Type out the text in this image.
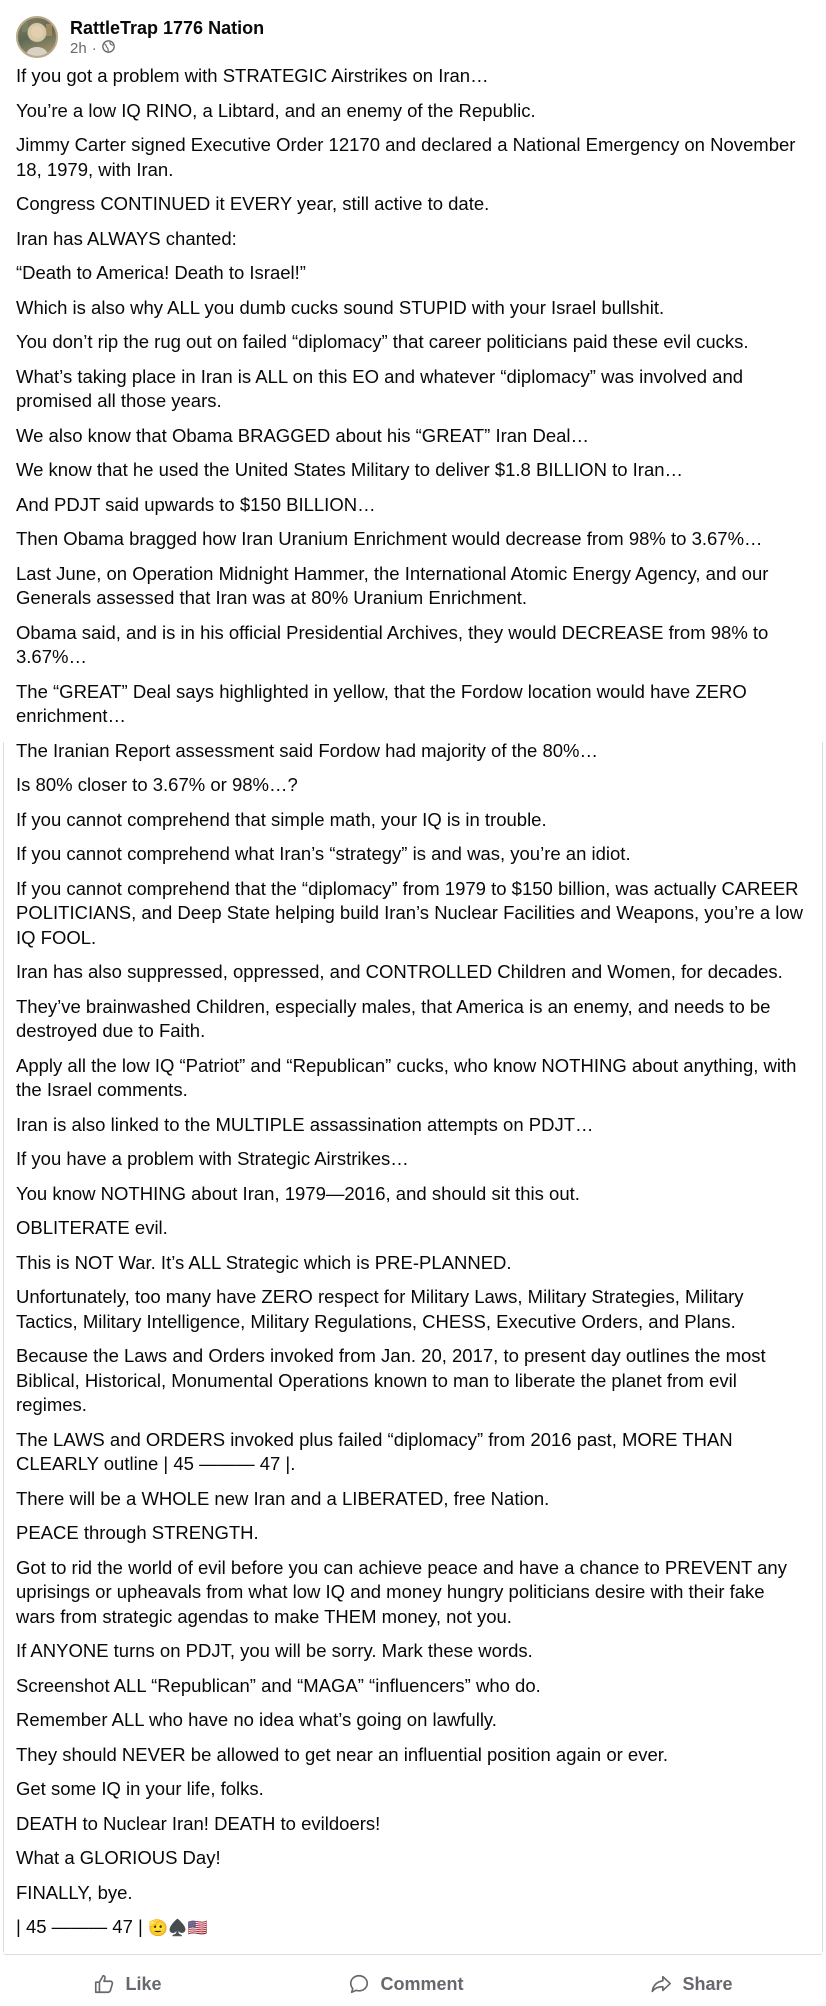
RattleTrap 1776 Nation
2h ·
If you got a problem with STRATEGIC Airstrikes on Iran…
You’re a low IQ RINO, a Libtard, and an enemy of the Republic.
Jimmy Carter signed Executive Order 12170 and declared a National Emergency on November 18, 1979, with Iran.
Congress CONTINUED it EVERY year, still active to date.
Iran has ALWAYS chanted:
“Death to America! Death to Israel!”
Which is also why ALL you dumb cucks sound STUPID with your Israel bullshit.
You don’t rip the rug out on failed “diplomacy” that career politicians paid these evil cucks.
What’s taking place in Iran is ALL on this EO and whatever “diplomacy” was involved and promised all those years.
We also know that Obama BRAGGED about his “GREAT” Iran Deal…
We know that he used the United States Military to deliver $1.8 BILLION to Iran…
And PDJT said upwards to $150 BILLION…
Then Obama bragged how Iran Uranium Enrichment would decrease from 98% to 3.67%…
Last June, on Operation Midnight Hammer, the International Atomic Energy Agency, and our Generals assessed that Iran was at 80% Uranium Enrichment.
Obama said, and is in his official Presidential Archives, they would DECREASE from 98% to 3.67%…
The “GREAT” Deal says highlighted in yellow, that the Fordow location would have ZERO enrichment…
The Iranian Report assessment said Fordow had majority of the 80%…
Is 80% closer to 3.67% or 98%…?
If you cannot comprehend that simple math, your IQ is in trouble.
If you cannot comprehend what Iran’s “strategy” is and was, you’re an idiot.
If you cannot comprehend that the “diplomacy” from 1979 to $150 billion, was actually CAREER POLITICIANS, and Deep State helping build Iran’s Nuclear Facilities and Weapons, you’re a low IQ FOOL.
Iran has also suppressed, oppressed, and CONTROLLED Children and Women, for decades.
They’ve brainwashed Children, especially males, that America is an enemy, and needs to be destroyed due to Faith.
Apply all the low IQ “Patriot” and “Republican” cucks, who know NOTHING about anything, with the Israel comments.
Iran is also linked to the MULTIPLE assassination attempts on PDJT…
If you have a problem with Strategic Airstrikes…
You know NOTHING about Iran, 1979—2016, and should sit this out.
OBLITERATE evil.
This is NOT War. It’s ALL Strategic which is PRE-PLANNED.
Unfortunately, too many have ZERO respect for Military Laws, Military Strategies, Military Tactics, Military Intelligence, Military Regulations, CHESS, Executive Orders, and Plans.
Because the Laws and Orders invoked from Jan. 20, 2017, to present day outlines the most Biblical, Historical, Monumental Operations known to man to liberate the planet from evil regimes.
The LAWS and ORDERS invoked plus failed “diplomacy” from 2016 past, MORE THAN CLEARLY outline | 45 ——— 47 |.
There will be a WHOLE new Iran and a LIBERATED, free Nation.
PEACE through STRENGTH.
Got to rid the world of evil before you can achieve peace and have a chance to PREVENT any uprisings or upheavals from what low IQ and money hungry politicians desire with their fake wars from strategic agendas to make THEM money, not you.
If ANYONE turns on PDJT, you will be sorry. Mark these words.
Screenshot ALL “Republican” and “MAGA” “influencers” who do.
Remember ALL who have no idea what’s going on lawfully.
They should NEVER be allowed to get near an influential position again or ever.
Get some IQ in your life, folks.
DEATH to Nuclear Iran! DEATH to evildoers!
What a GLORIOUS Day!
FINALLY, bye.
| 45 ——— 47 | 🫡♠️🇺🇸
Like	Comment	Share
